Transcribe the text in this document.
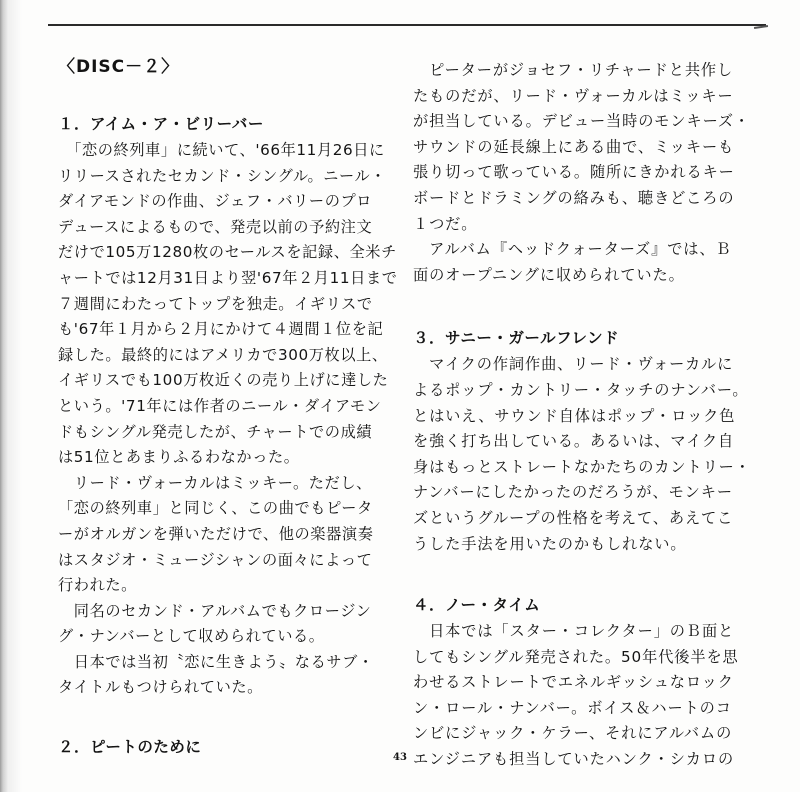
〈DISC－２〉
１．アイム・ア・ビリーバー
　「恋の終列車」に続いて、'66年11月26日に
リリースされたセカンド・シングル。ニール・
ダイアモンドの作曲、ジェフ・バリーのプロ
デュースによるもので、発売以前の予約注文
だけで105万1280枚のセールスを記録、全米チ
ャートでは12月31日より翌'67年２月11日まで
７週間にわたってトップを独走。イギリスで
も'67年１月から２月にかけて４週間１位を記
録した。最終的にはアメリカで300万枚以上、
イギリスでも100万枚近くの売り上げに達した
という。'71年には作者のニール・ダイアモン
ドもシングル発売したが、チャートでの成績
は51位とあまりふるわなかった。
　リード・ヴォーカルはミッキー。ただし、
「恋の終列車」と同じく、この曲でもピータ
ーがオルガンを弾いただけで、他の楽器演奏
はスタジオ・ミュージシャンの面々によって
行われた。
　同名のセカンド・アルバムでもクロージン
グ・ナンバーとして収められている。
　日本では当初〝恋に生きよう〟なるサブ・
タイトルもつけられていた。
２．ピートのために
　ピーターがジョセフ・リチャードと共作し
たものだが、リード・ヴォーカルはミッキー
が担当している。デビュー当時のモンキーズ・
サウンドの延長線上にある曲で、ミッキーも
張り切って歌っている。随所にきかれるキー
ボードとドラミングの絡みも、聴きどころの
１つだ。
　アルバム『ヘッドクォーターズ』では、Ｂ
面のオープニングに収められていた。
３．サニー・ガールフレンド
　マイクの作詞作曲、リード・ヴォーカルに
よるポップ・カントリー・タッチのナンバー。
とはいえ、サウンド自体はポップ・ロック色
を強く打ち出している。あるいは、マイク自
身はもっとストレートなかたちのカントリー・
ナンバーにしたかったのだろうが、モンキー
ズというグループの性格を考えて、あえてこ
うした手法を用いたのかもしれない。
４．ノー・タイム
　日本では「スター・コレクター」のＢ面と
してもシングル発売された。50年代後半を思
わせるストレートでエネルギッシュなロック
ン・ロール・ナンバー。ボイス＆ハートのコ
ンビにジャック・ケラー、それにアルバムの
エンジニアも担当していたハンク・シカロの
43
